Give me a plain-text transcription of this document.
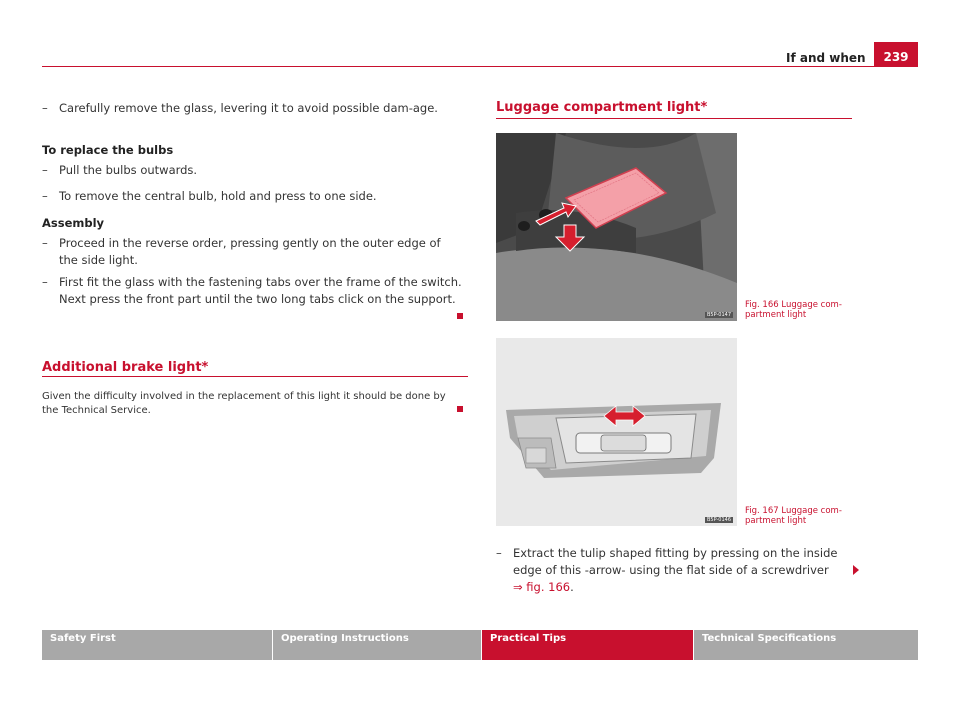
If and when	239
– Carefully remove the glass, levering it to avoid possible dam-age.
To replace the bulbs
– Pull the bulbs outwards.
– To remove the central bulb, hold and press to one side.
Assembly
– Proceed in the reverse order, pressing gently on the outer edge of the side light.
– First fit the glass with the fastening tabs over the frame of the switch. Next press the front part until the two long tabs click on the support.
Additional brake light*
Given the difficulty involved in the replacement of this light it should be done by the Technical Service.
Luggage compartment light*
B5P-0147
Fig. 166 Luggage com-partment light
B5P-0146
Fig. 167 Luggage com-partment light
– Extract the tulip shaped fitting by pressing on the inside edge of this -arrow- using the flat side of a screwdriver ⇒ fig. 166.
Safety First	Operating Instructions	Practical Tips	Technical Specifications
